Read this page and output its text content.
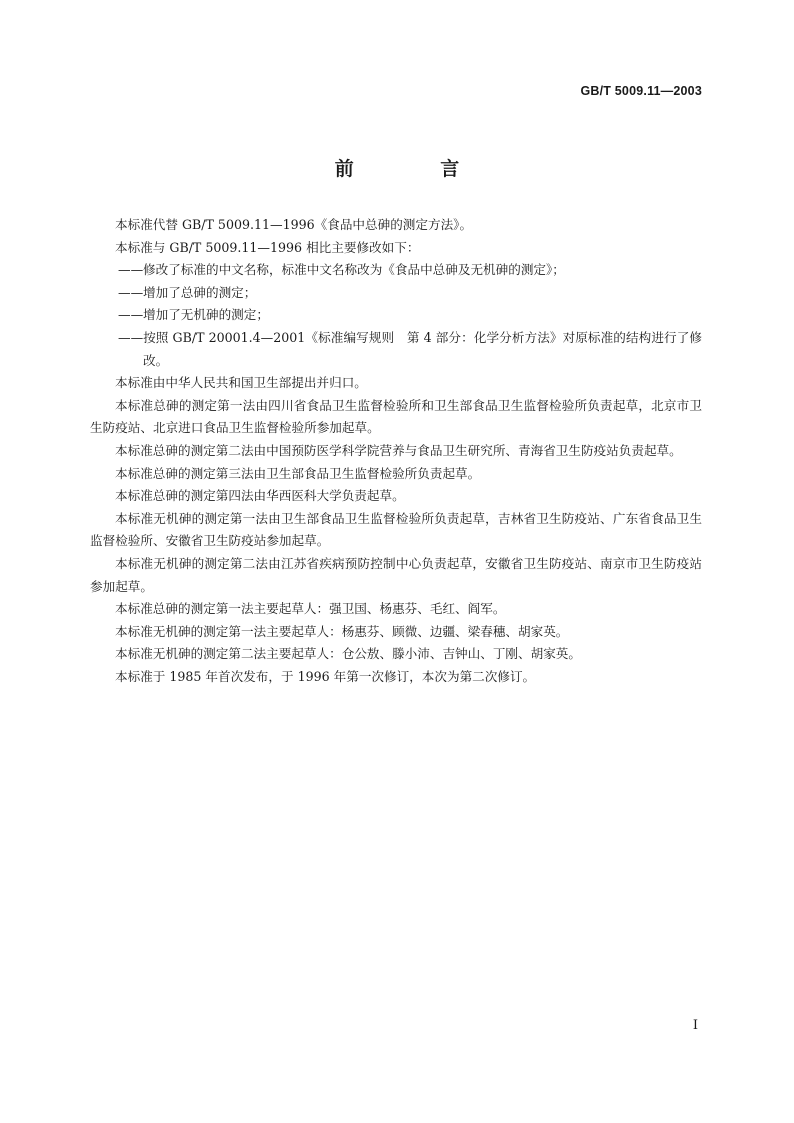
GB/T 5009.11—2003
前 言

本标准代替 GB/T 5009.11—1996《食品中总砷的测定方法》。

本标准与 GB/T 5009.11—1996 相比主要修改如下：

——修改了标准的中文名称，标准中文名称改为《食品中总砷及无机砷的测定》；

——增加了总砷的测定；

——增加了无机砷的测定；

——按照 GB/T 20001.4—2001《标准编写规则　第 4 部分：化学分析方法》对原标准的结构进行了修改。

本标准由中华人民共和国卫生部提出并归口。

本标准总砷的测定第一法由四川省食品卫生监督检验所和卫生部食品卫生监督检验所负责起草，北京市卫生防疫站、北京进口食品卫生监督检验所参加起草。

本标准总砷的测定第二法由中国预防医学科学院营养与食品卫生研究所、青海省卫生防疫站负责起草。

本标准总砷的测定第三法由卫生部食品卫生监督检验所负责起草。

本标准总砷的测定第四法由华西医科大学负责起草。

本标准无机砷的测定第一法由卫生部食品卫生监督检验所负责起草，吉林省卫生防疫站、广东省食品卫生监督检验所、安徽省卫生防疫站参加起草。

本标准无机砷的测定第二法由江苏省疾病预防控制中心负责起草，安徽省卫生防疫站、南京市卫生防疫站参加起草。

本标准总砷的测定第一法主要起草人：强卫国、杨惠芬、毛红、阎军。

本标准无机砷的测定第一法主要起草人：杨惠芬、顾微、边疆、梁春穗、胡家英。

本标准无机砷的测定第二法主要起草人：仓公敖、滕小沛、吉钟山、丁刚、胡家英。

本标准于 1985 年首次发布，于 1996 年第一次修订，本次为第二次修订。

I
